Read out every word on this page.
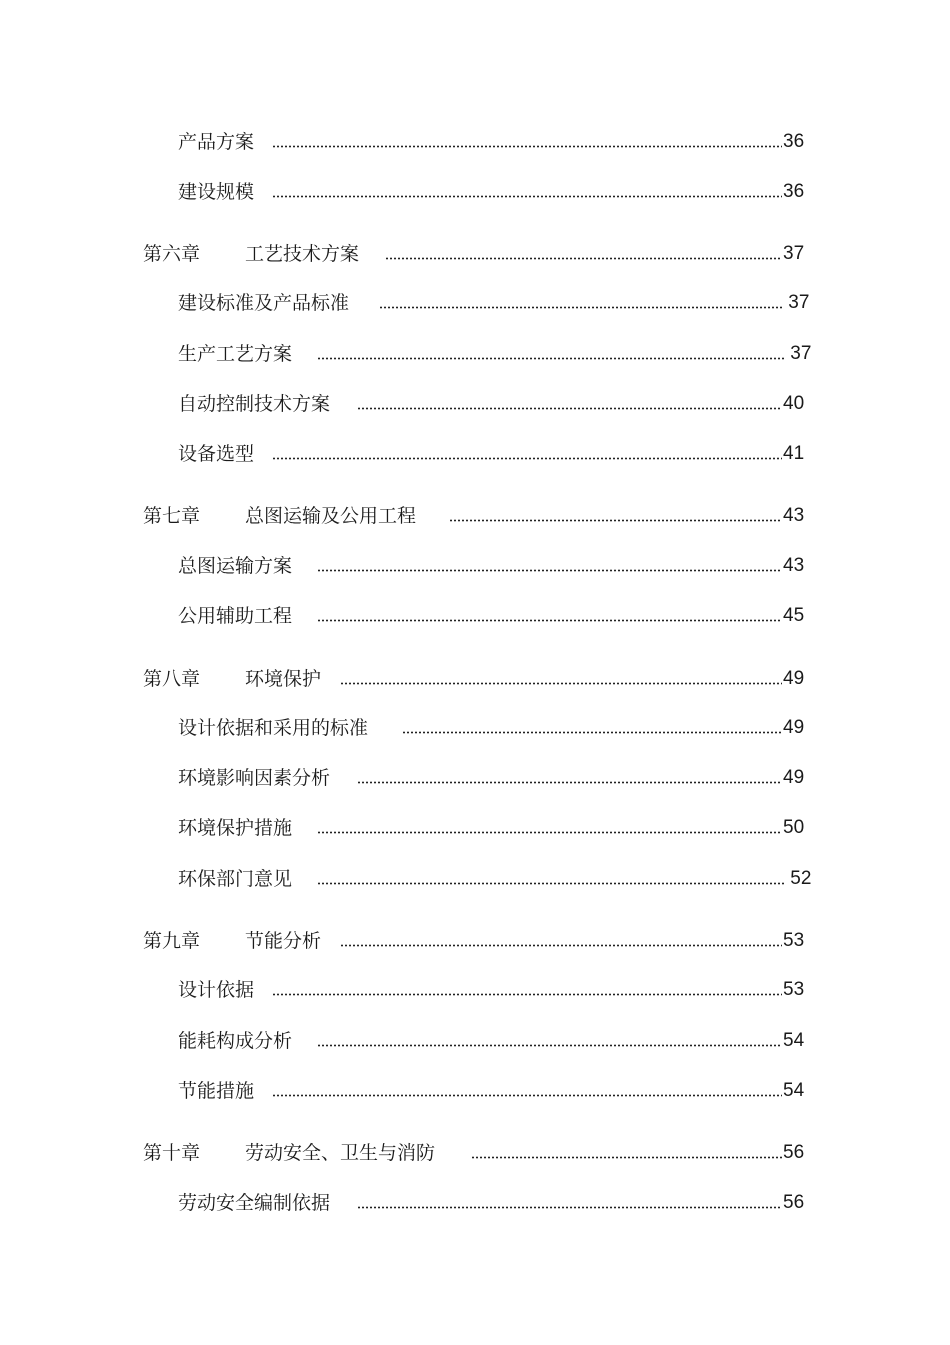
产品方案	36
建设规模	36
第六章	工艺技术方案	37
建设标准及产品标准	37
生产工艺方案	37
自动控制技术方案	40
设备选型	41
第七章	总图运输及公用工程	43
总图运输方案	43
公用辅助工程	45
第八章	环境保护	49
设计依据和采用的标准	49
环境影响因素分析	49
环境保护措施	50
环保部门意见	52
第九章	节能分析	53
设计依据	53
能耗构成分析	54
节能措施	54
第十章	劳动安全、卫生与消防	56
劳动安全编制依据	56
